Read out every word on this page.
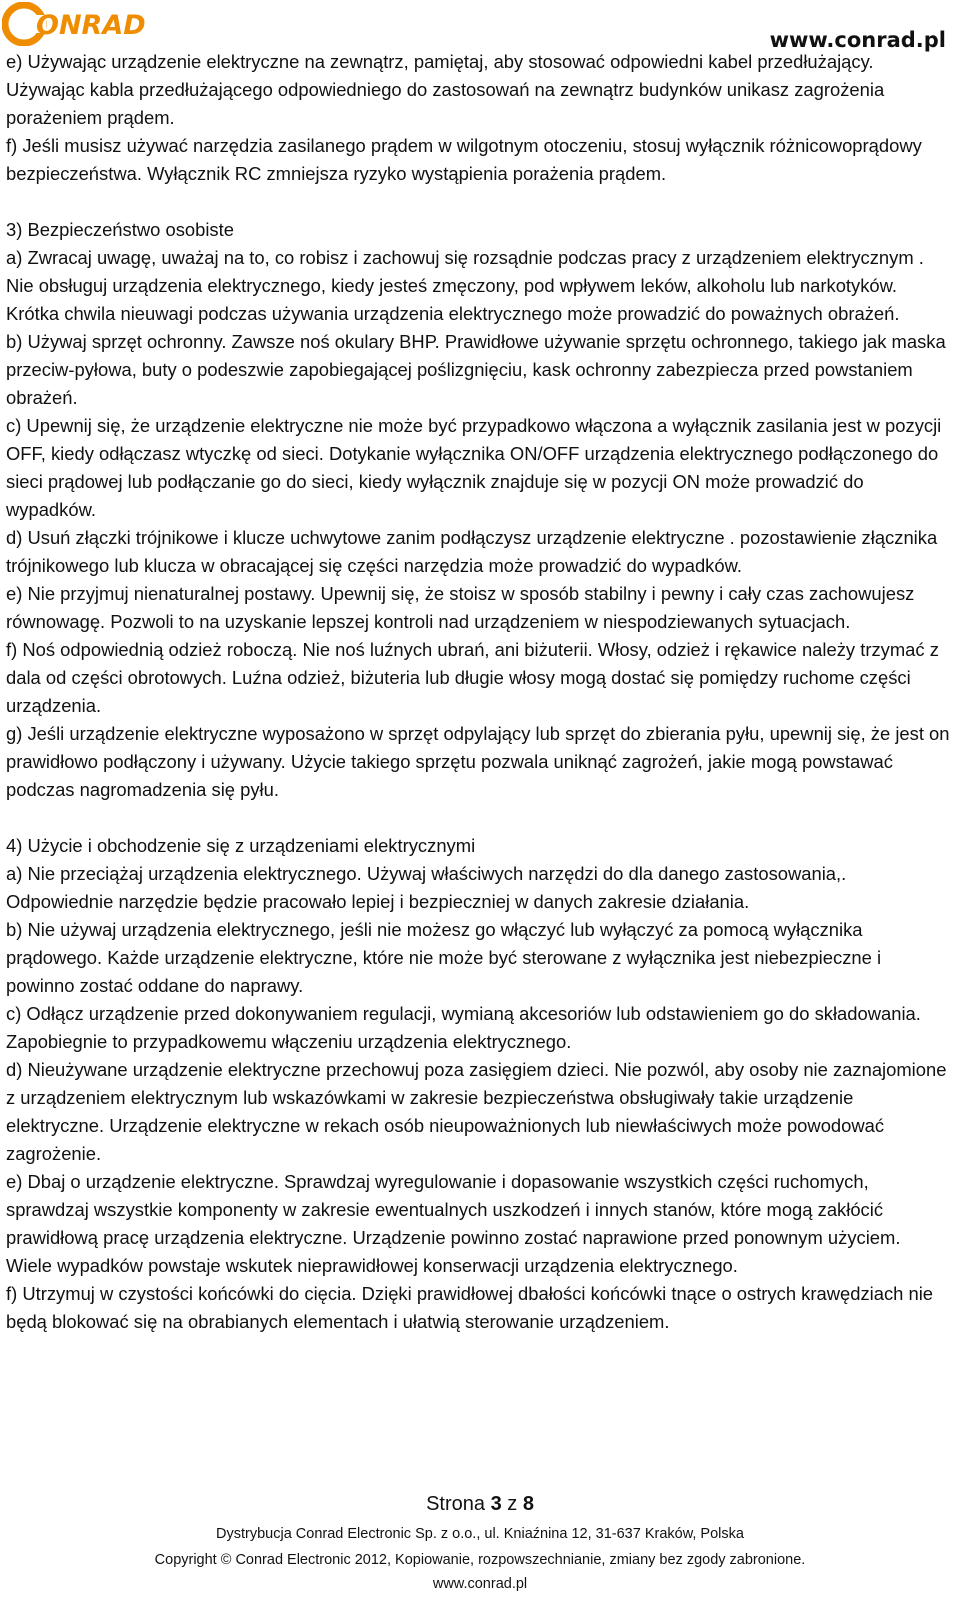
ONRAD	www.conrad.pl

e) Używając urządzenie elektryczne na zewnątrz, pamiętaj, aby stosować odpowiedni kabel przedłużający. Używając kabla przedłużającego odpowiedniego do zastosowań na zewnątrz budynków unikasz zagrożenia porażeniem prądem.

f) Jeśli musisz używać narzędzia zasilanego prądem w wilgotnym otoczeniu, stosuj wyłącznik różnicowoprądowy bezpieczeństwa. Wyłącznik RC zmniejsza ryzyko wystąpienia porażenia prądem.

3) Bezpieczeństwo osobiste

a) Zwracaj uwagę, uważaj na to, co robisz i zachowuj się rozsądnie podczas pracy z urządzeniem elektrycznym . Nie obsługuj urządzenia elektrycznego, kiedy jesteś zmęczony, pod wpływem leków, alkoholu lub narkotyków. Krótka chwila nieuwagi podczas używania urządzenia elektrycznego może prowadzić do poważnych obrażeń.

b) Używaj sprzęt ochronny. Zawsze noś okulary BHP. Prawidłowe używanie sprzętu ochronnego, takiego jak maska przeciw-pyłowa, buty o podeszwie zapobiegającej poślizgnięciu, kask ochronny zabezpiecza przed powstaniem obrażeń.

c) Upewnij się, że urządzenie elektryczne nie może być przypadkowo włączona a wyłącznik zasilania jest w pozycji OFF, kiedy odłączasz wtyczkę od sieci. Dotykanie wyłącznika ON/OFF urządzenia elektrycznego podłączonego do sieci prądowej lub podłączanie go do sieci, kiedy wyłącznik znajduje się w pozycji ON może prowadzić do wypadków.

d) Usuń złączki trójnikowe i klucze uchwytowe zanim podłączysz urządzenie elektryczne . pozostawienie złącznika trójnikowego lub klucza w obracającej się części narzędzia może prowadzić do wypadków.

e) Nie przyjmuj nienaturalnej postawy. Upewnij się, że stoisz w sposób stabilny i pewny i cały czas zachowujesz równowagę. Pozwoli to na uzyskanie lepszej kontroli nad urządzeniem w niespodziewanych sytuacjach.

f) Noś odpowiednią odzież roboczą. Nie noś luźnych ubrań, ani biżuterii. Włosy, odzież i rękawice należy trzymać z dala od części obrotowych. Luźna odzież, biżuteria lub długie włosy mogą dostać się pomiędzy ruchome części urządzenia.

g) Jeśli urządzenie elektryczne wyposażono w sprzęt odpylający lub sprzęt do zbierania pyłu, upewnij się, że jest on prawidłowo podłączony i używany. Użycie takiego sprzętu pozwala uniknąć zagrożeń, jakie mogą powstawać podczas nagromadzenia się pyłu.

4) Użycie i obchodzenie się z urządzeniami elektrycznymi

a) Nie przeciążaj urządzenia elektrycznego. Używaj właściwych narzędzi do dla danego zastosowania,. Odpowiednie narzędzie będzie pracowało lepiej i bezpieczniej w danych zakresie działania.

b) Nie używaj urządzenia elektrycznego, jeśli nie możesz go włączyć lub wyłączyć za pomocą wyłącznika prądowego. Każde urządzenie elektryczne, które nie może być sterowane z wyłącznika jest niebezpieczne i powinno zostać oddane do naprawy.

c) Odłącz urządzenie przed dokonywaniem regulacji, wymianą akcesoriów lub odstawieniem go do składowania. Zapobiegnie to przypadkowemu włączeniu urządzenia elektrycznego.

d) Nieużywane urządzenie elektryczne przechowuj poza zasięgiem dzieci. Nie pozwól, aby osoby nie zaznajomione z urządzeniem elektrycznym lub wskazówkami w zakresie bezpieczeństwa obsługiwały takie urządzenie elektryczne. Urządzenie elektryczne w rekach osób nieupoważnionych lub niewłaściwych może powodować zagrożenie.

e) Dbaj o urządzenie elektryczne. Sprawdzaj wyregulowanie i dopasowanie wszystkich części ruchomych, sprawdzaj wszystkie komponenty w zakresie ewentualnych uszkodzeń i innych stanów, które mogą zakłócić prawidłową pracę urządzenia elektryczne. Urządzenie powinno zostać naprawione przed ponownym użyciem. Wiele wypadków powstaje wskutek nieprawidłowej konserwacji urządzenia elektrycznego.

f) Utrzymuj w czystości końcówki do cięcia. Dzięki prawidłowej dbałości końcówki tnące o ostrych krawędziach nie będą blokować się na obrabianych elementach i ułatwią sterowanie urządzeniem.

Strona 3 z 8
Dystrybucja Conrad Electronic Sp. z o.o., ul. Kniaźnina 12, 31-637 Kraków, Polska
Copyright © Conrad Electronic 2012, Kopiowanie, rozpowszechnianie, zmiany bez zgody zabronione.
www.conrad.pl
